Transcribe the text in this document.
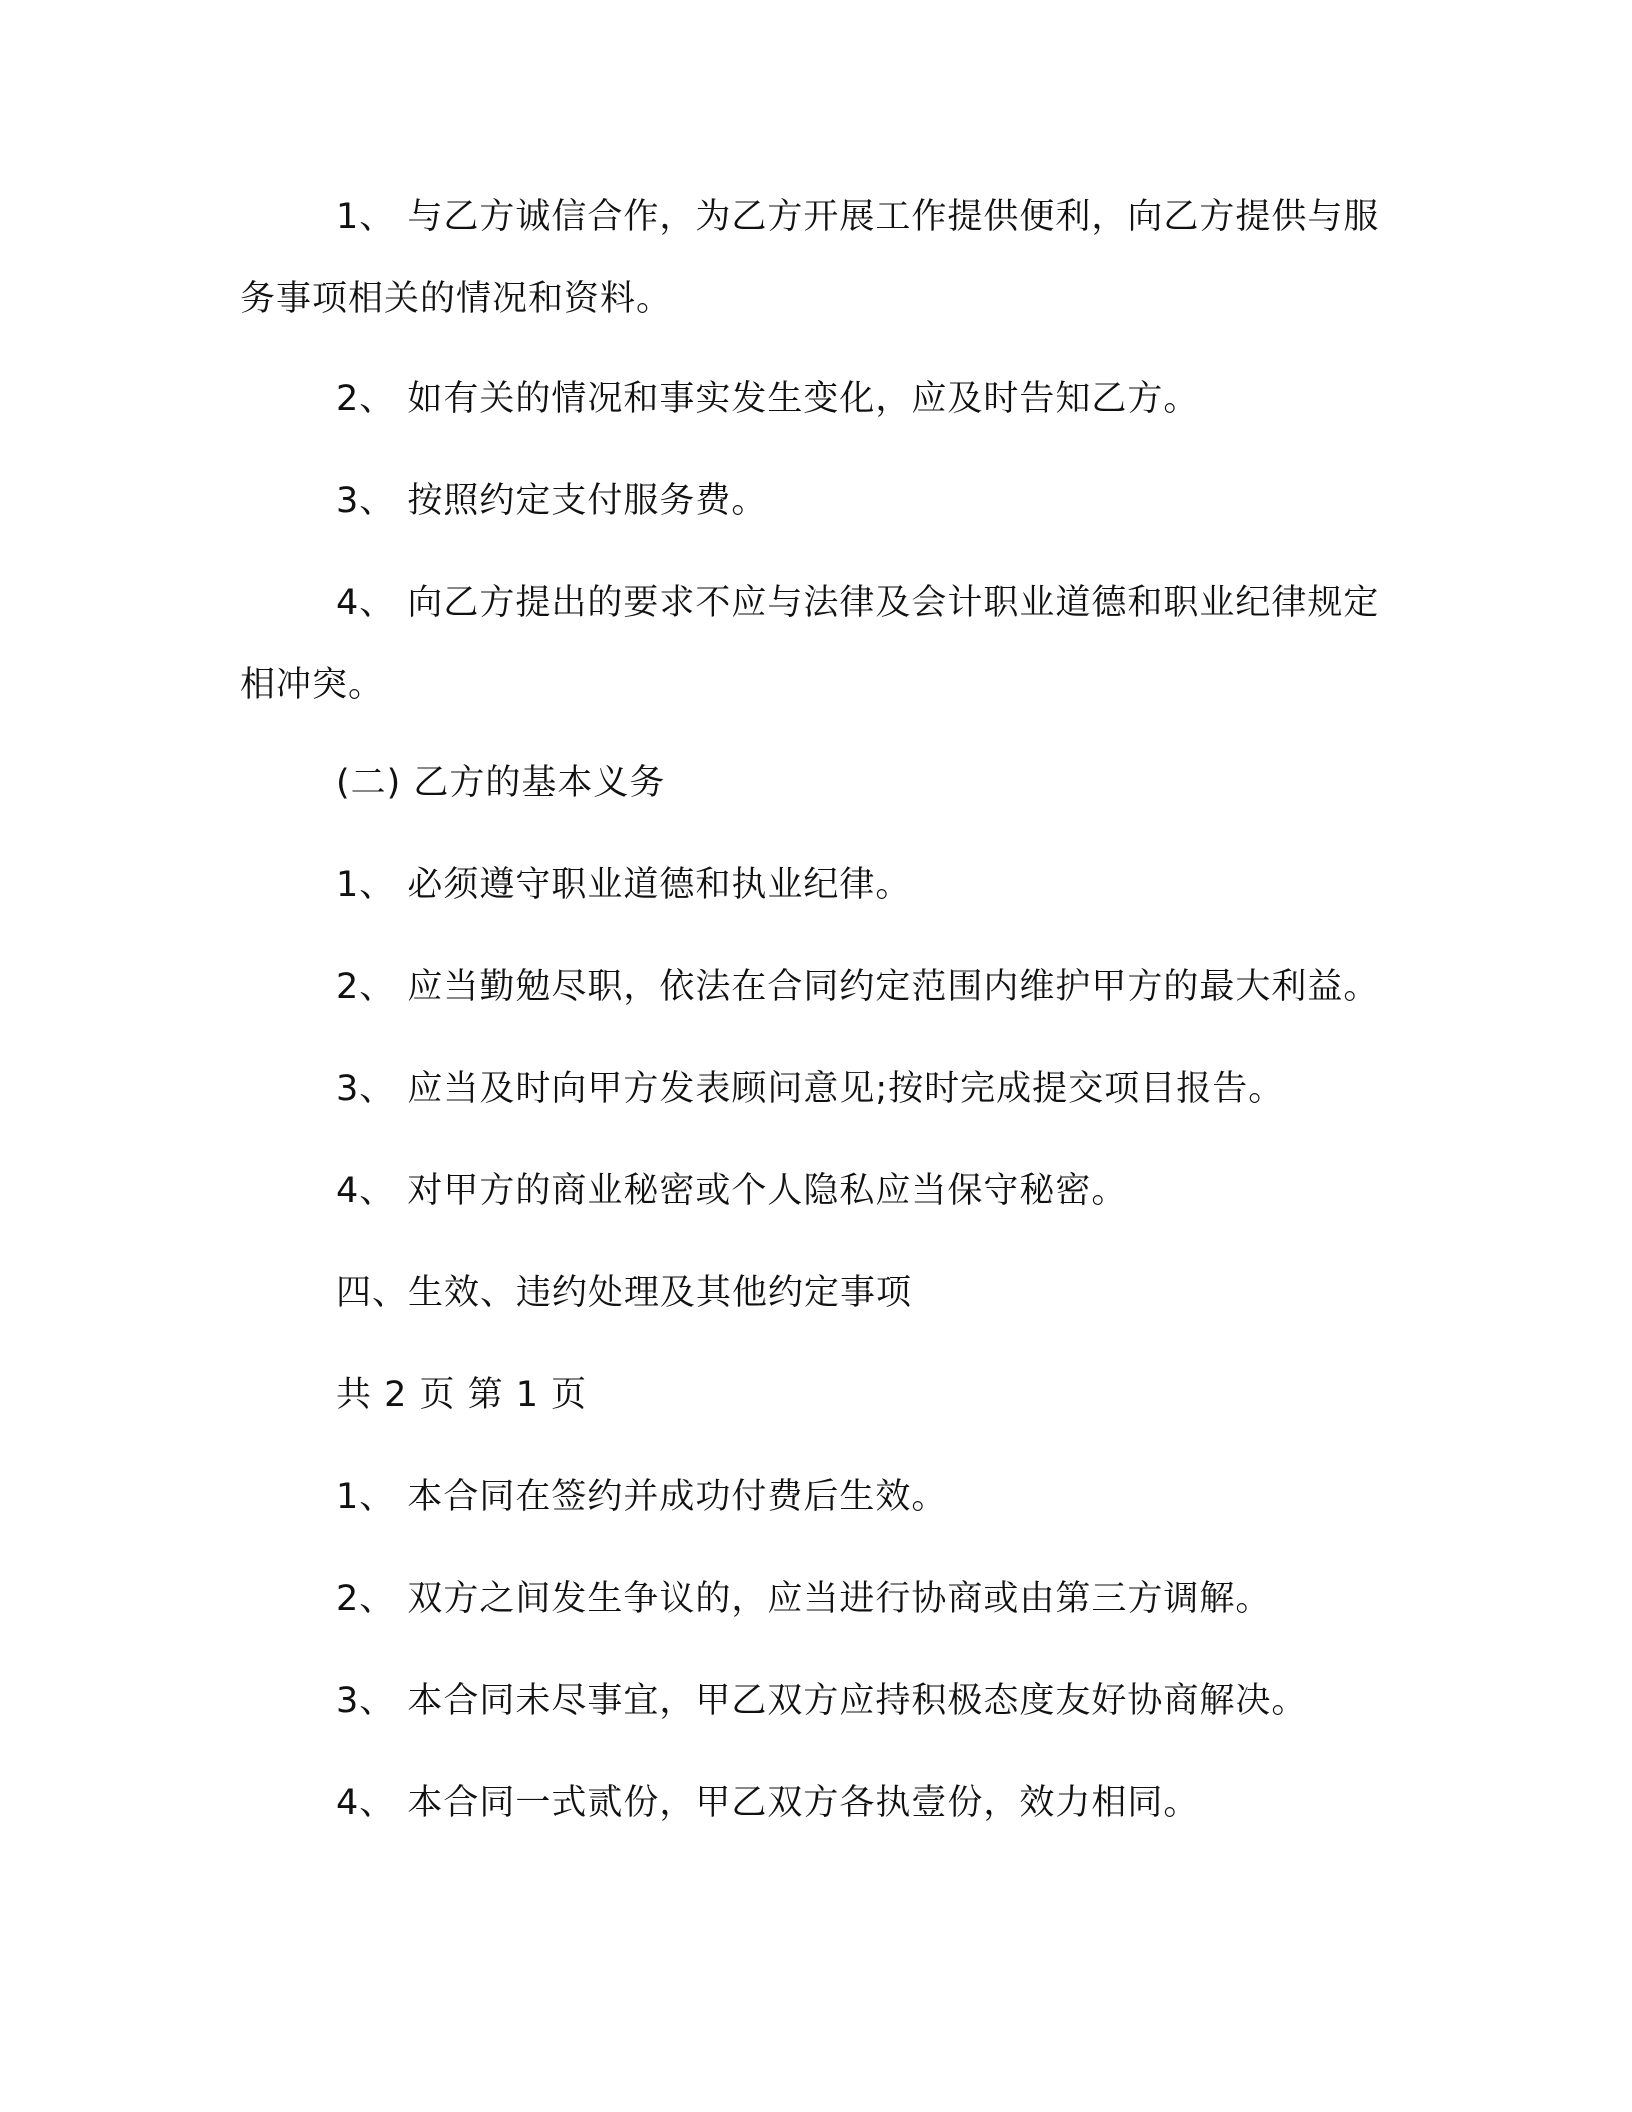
1、 与乙方诚信合作，为乙方开展工作提供便利，向乙方提供与服务事项相关的情况和资料。

2、 如有关的情况和事实发生变化，应及时告知乙方。

3、 按照约定支付服务费。

4、 向乙方提出的要求不应与法律及会计职业道德和职业纪律规定相冲突。

(二) 乙方的基本义务

1、 必须遵守职业道德和执业纪律。

2、 应当勤勉尽职，依法在合同约定范围内维护甲方的最大利益。

3、 应当及时向甲方发表顾问意见;按时完成提交项目报告。

4、 对甲方的商业秘密或个人隐私应当保守秘密。

四、生效、违约处理及其他约定事项

共 2 页 第 1 页

1、 本合同在签约并成功付费后生效。

2、 双方之间发生争议的，应当进行协商或由第三方调解。

3、 本合同未尽事宜，甲乙双方应持积极态度友好协商解决。

4、 本合同一式贰份，甲乙双方各执壹份，效力相同。
